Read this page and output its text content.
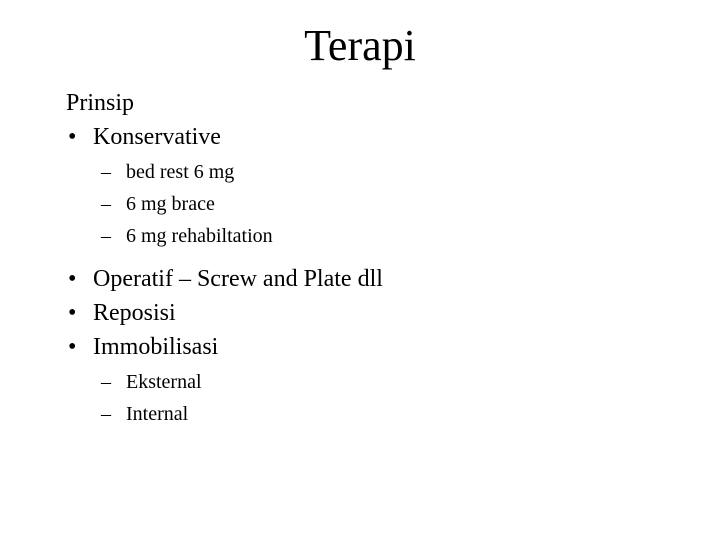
Terapi
Prinsip
• Konservative
– bed rest 6 mg
– 6 mg brace
– 6 mg rehabiltation
• Operatif – Screw and Plate dll
• Reposisi
• Immobilisasi
– Eksternal
– Internal
